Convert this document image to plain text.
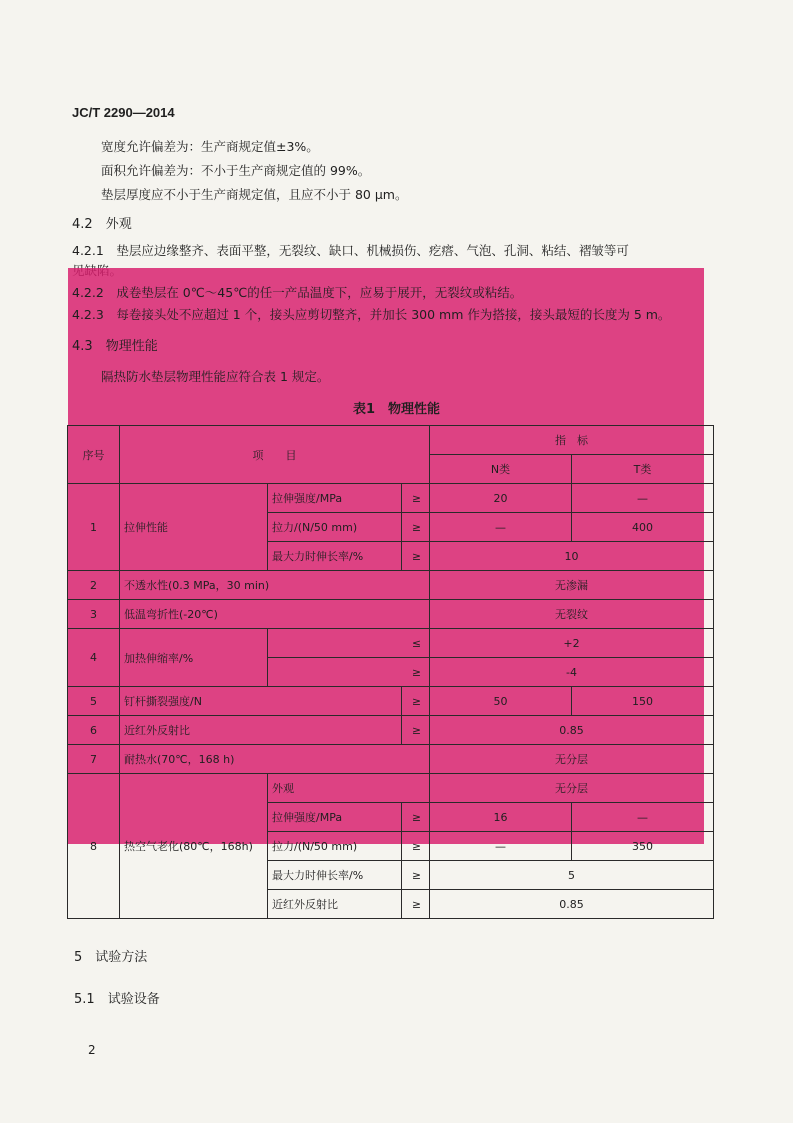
JC/T 2290—2014
宽度允许偏差为：生产商规定值±3%。
面积允许偏差为：不小于生产商规定值的 99%。
垫层厚度应不小于生产商规定值，且应不小于 80 μm。
4.2　 外观
4.2.1　 垫层应边缘整齐、表面平整，无裂纹、缺口、机械损伤、疙瘩、气泡、孔洞、粘结、褶皱等可
4.2.2　 成卷垫层在 0℃～45℃的任一产品温度下，应易于展开，无裂纹或粘结。
4.2.3　 每卷接头处不应超过 1 个，接头应剪切整齐，并加长 300 mm 作为搭接，接头最短的长度为 5 m。
4.3　 物理性能
隔热防水垫层物理性能应符合表 1 规定。
表1　物理性能
序号	项　　目			指　标	
				N类	T类
1	拉伸性能	拉伸强度/MPa	≥	20	—
		拉力/(N/50 mm)	≥	—	400
		最大力时伸长率/%	≥	10	
2	不透水性(0.3 MPa，30 min)			无渗漏	
3	低温弯折性(-20℃)			无裂纹	
4	加热伸缩率/%	≤		+2	
		≥		-4	
5	钉杆撕裂强度/N		≥	50	150
6	近红外反射比		≥	0.85	
7	耐热水(70℃，168 h)			无分层	
8	热空气老化(80℃，168h)	外观		无分层	
		拉伸强度/MPa	≥	16	—
		拉力/(N/50 mm)	≥	—	350
		最大力时伸长率/%	≥	5	
		近红外反射比	≥	0.85	
5　 试验方法
5.1　 试验设备
2
